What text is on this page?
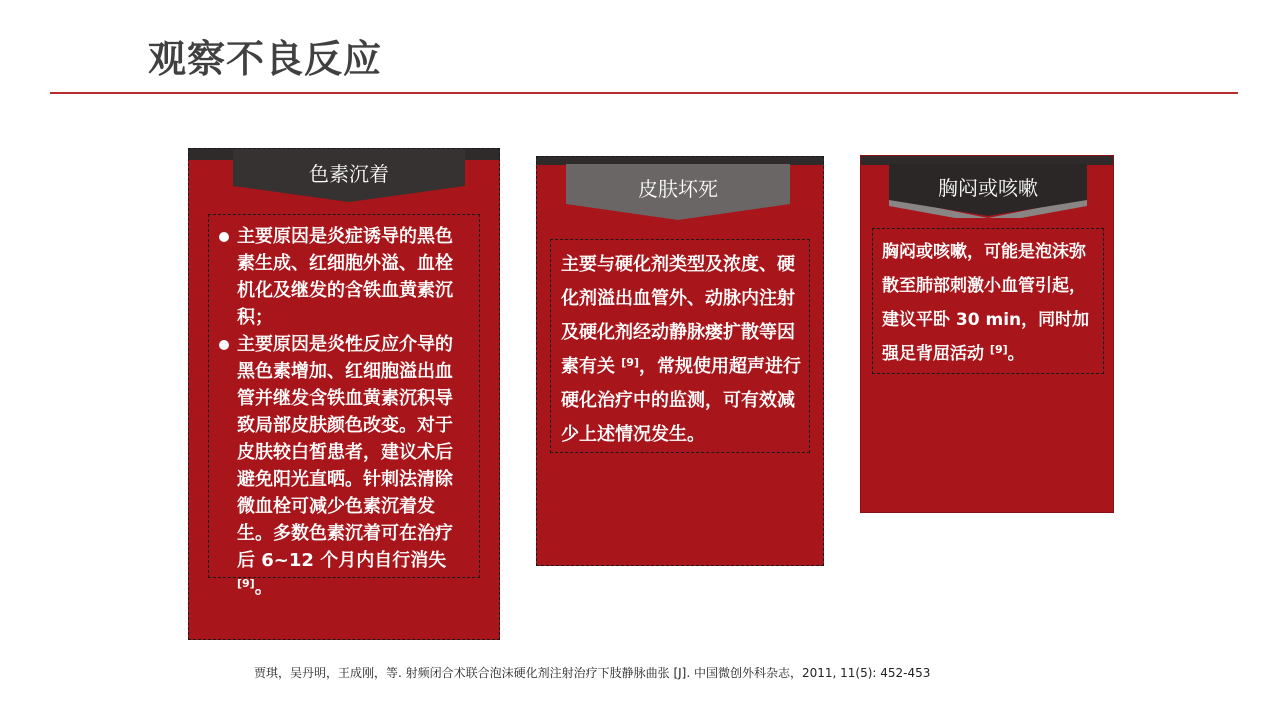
观察不良反应
色素沉着
主要原因是炎症诱导的黑色素生成、红细胞外溢、血栓机化及继发的含铁血黄素沉积；
主要原因是炎性反应介导的黑色素增加、红细胞溢出血管并继发含铁血黄素沉积导致局部皮肤颜色改变。对于皮肤较白皙患者，建议术后避免阳光直晒。针刺法清除微血栓可减少色素沉着发生。多数色素沉着可在治疗后 6~12 个月内自行消失 [9]。
皮肤坏死
主要与硬化剂类型及浓度、硬化剂溢出血管外、动脉内注射及硬化剂经动静脉瘘扩散等因素有关 [9]，常规使用超声进行硬化治疗中的监测，可有效减少上述情况发生。
胸闷或咳嗽
胸闷或咳嗽，可能是泡沫弥散至肺部刺激小血管引起，建议平卧 30 min，同时加强足背屈活动 [9]。
贾琪，吴丹明，王成刚，等. 射频闭合术联合泡沫硬化剂注射治疗下肢静脉曲张 [J]. 中国微创外科杂志，2011, 11(5): 452-453
